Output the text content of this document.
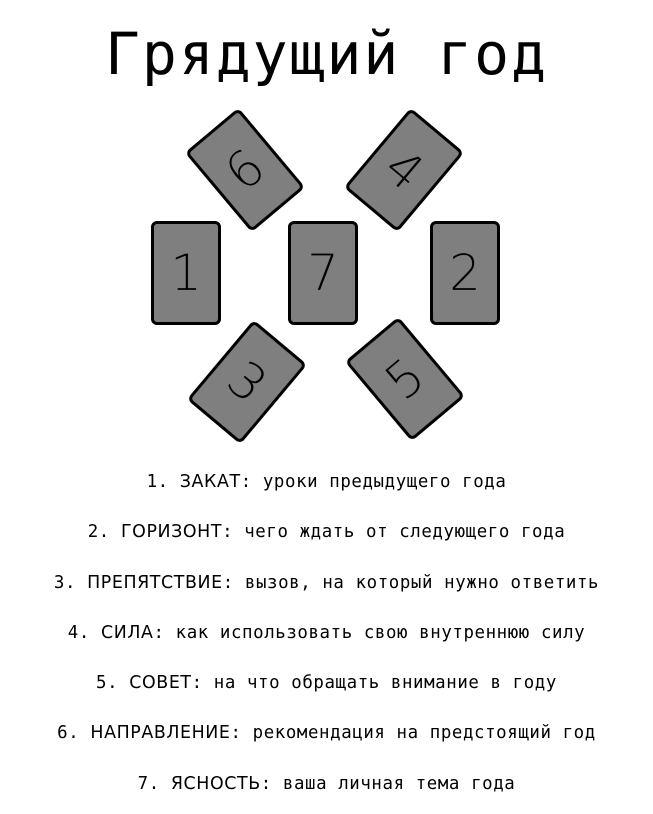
Грядущий год
6 4
1 7 2
3 5
1.  ЗАКАТ: уроки предыдущего года
2.  ГОРИЗОНТ: чего ждать от следующего года
3.  ПРЕПЯТСТВИЕ: вызов, на который нужно ответить
4.  СИЛА: как использовать свою внутреннюю силу
5.  СОВЕТ: на что обращать внимание в году
6.  НАПРАВЛЕНИЕ: рекомендация на предстоящий год
7.  ЯСНОСТЬ: ваша личная тема года
